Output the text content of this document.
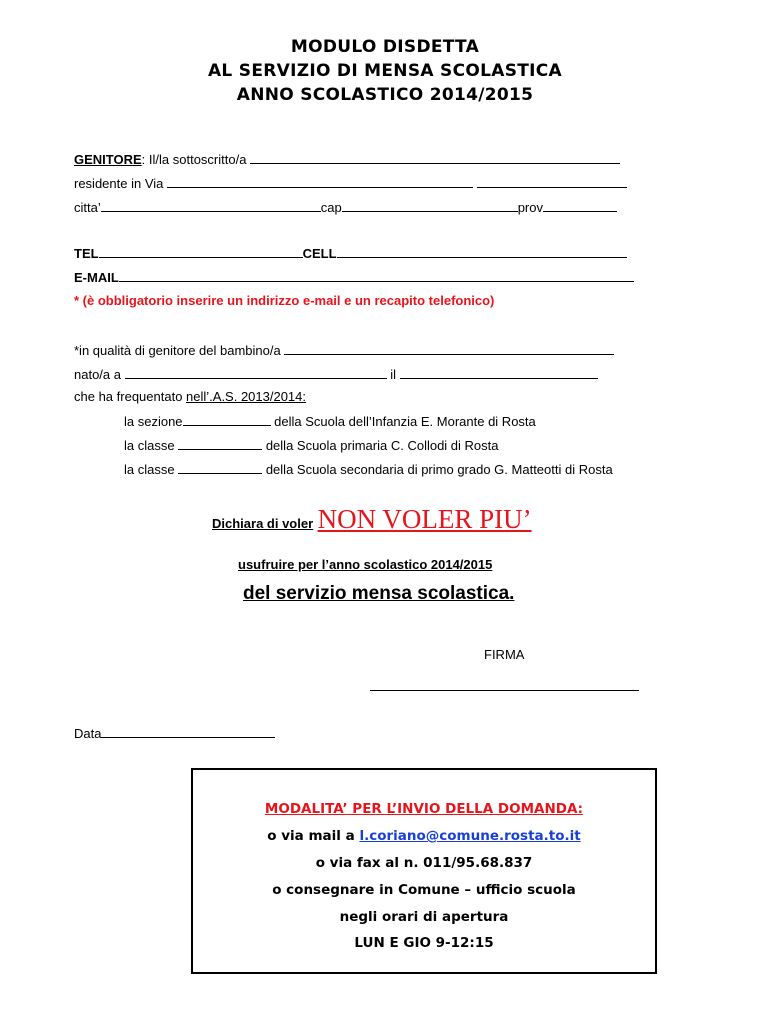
MODULO DISDETTA
AL SERVIZIO DI MENSA SCOLASTICA
ANNO SCOLASTICO 2014/2015
GENITORE: Il/la sottoscritto/a
residente in Via
citta’	cap	prov
TEL	CELL
E-MAIL
* (è obbligatorio inserire un indirizzo e-mail e un recapito telefonico)
*in qualità di genitore del bambino/a
nato/a a	il
che ha frequentato nell’.A.S. 2013/2014:
la sezione	della Scuola dell’Infanzia E. Morante di Rosta
la classe	della Scuola primaria C. Collodi di Rosta
la classe	della Scuola secondaria di primo grado G. Matteotti di Rosta
Dichiara di voler NON VOLER PIU’
usufruire per l’anno scolastico 2014/2015
del servizio mensa scolastica.
FIRMA
Data
MODALITA’ PER L’INVIO DELLA DOMANDA:
o via mail a l.coriano@comune.rosta.to.it
o via fax al n. 011/95.68.837
o consegnare in Comune – ufficio scuola
negli orari di apertura
LUN E GIO 9-12:15
